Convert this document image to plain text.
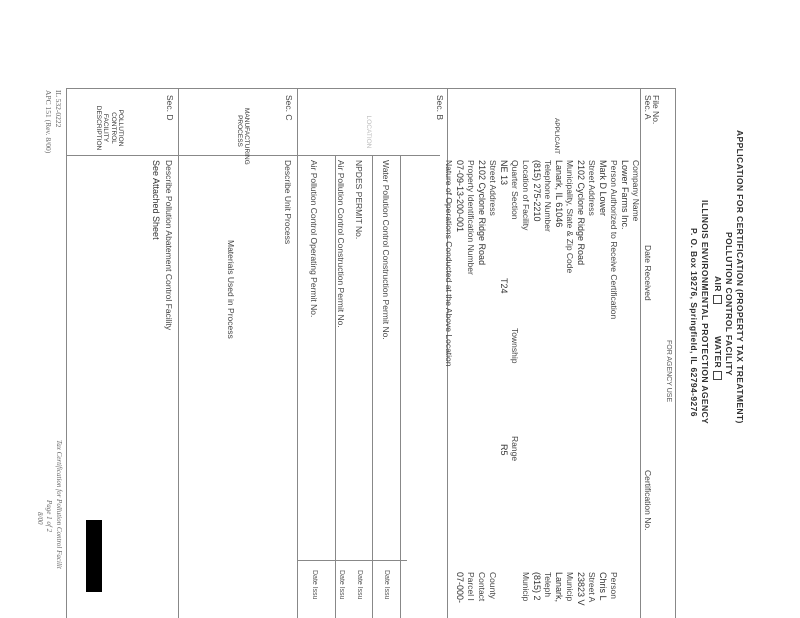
APPLICATION FOR CERTIFICATION (PROPERTY TAX TREATMENT)
POLLUTION CONTROL FACILITY
AIR
WATER
ILLINOIS ENVIRONMENTAL PROTECTION AGENCY
P. O. Box 19276, Springfield, IL 62794-9276
File No.
Sec. A
FOR AGENCY USE
Date Received
Certification No.
Sec. B
Sec. C
Sec. D
APPLICANT
LOCATION
MANUFACTURING PROCESS
POLLUTION CONTROL FACILITY DESCRIPTION
Company Name
Lower Farms Inc.
Person Authorized to Receive Certification
Mark D Lower
Street Address
2102 Cyclone Ridge Road
Municipality, State & Zip Code
Lanark, IL 61046
Telephone Number
(815) 275-2210
Person
Chris L
Street A
23823 V
Municip
Lanark,
Teleph
(815) 2
Location of Facility
Quarter Section
Township
Range
NE 13
T24
R5
Street Address
County
2102 Cyclone Ridge Road
Contact
Property Identification Number
Parcel I
07-09-13-200-001
07-000-
Nature of Operations Conducted at the Above Location
Municip
Water Pollution Control Construction Permit No.
Date Issu
NPDES PERMIT No.
Date Issu
Air Pollution Control Construction Permit No.
Date Issu
Air Pollution Control Operating Permit No.
Date Issu
Describe Unit Process
Materials Used in Process
Describe Pollution Abatement Control Facility
See Attached Sheet
IL 532-0222
APC 151 (Rev. 8/00)
Tax Certification for Pollution Control Facilit
Page 1 of 2
8/00
